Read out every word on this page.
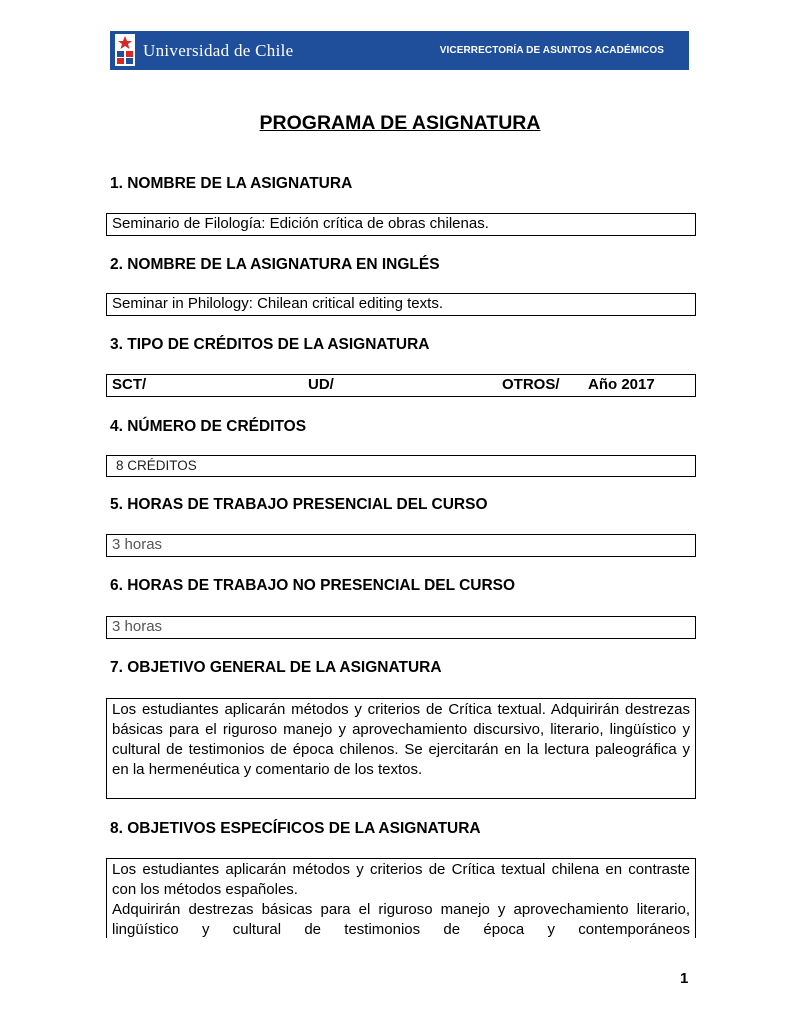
Universidad de Chile	VICERRECTORÍA DE ASUNTOS ACADÉMICOS
PROGRAMA DE ASIGNATURA
1. NOMBRE DE LA ASIGNATURA
Seminario de Filología: Edición crítica de obras chilenas.
2. NOMBRE DE LA ASIGNATURA EN INGLÉS
Seminar in Philology: Chilean critical editing texts.
3. TIPO DE CRÉDITOS DE LA ASIGNATURA
SCT/	UD/	OTROS/ Año 2017
4. NÚMERO DE CRÉDITOS
8 CRÉDITOS
5. HORAS DE TRABAJO PRESENCIAL DEL CURSO
3 horas
6. HORAS DE TRABAJO NO PRESENCIAL DEL CURSO
3 horas
7. OBJETIVO GENERAL DE LA ASIGNATURA
Los estudiantes aplicarán métodos y criterios de Crítica textual. Adquirirán destrezas básicas para el riguroso manejo y aprovechamiento discursivo, literario, lingüístico y cultural de testimonios de época chilenos. Se ejercitarán en la lectura paleográfica y en la hermenéutica y comentario de los textos.
8. OBJETIVOS ESPECÍFICOS DE LA ASIGNATURA
Los estudiantes aplicarán métodos y criterios de Crítica textual chilena en contraste con los métodos españoles.
Adquirirán destrezas básicas para el riguroso manejo y aprovechamiento literario, lingüístico y cultural de testimonios de época y contemporáneos
1
